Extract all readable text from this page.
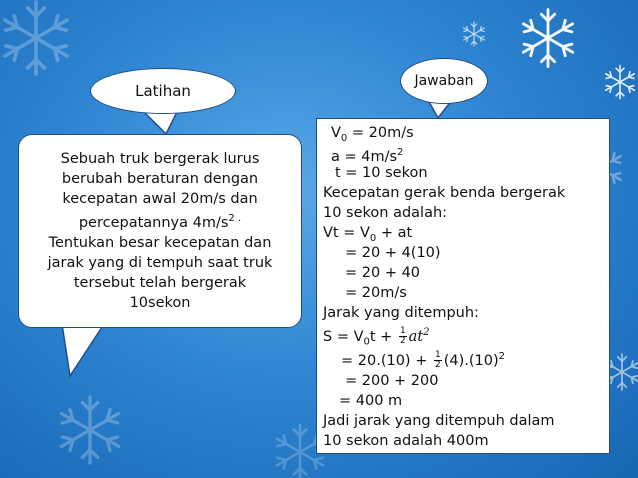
Latihan
Jawaban
Sebuah truk bergerak lurus
berubah beraturan dengan
kecepatan awal 20m/s dan
percepatannya $4m/s^{2 .}$
Tentukan besar kecepatan dan
jarak yang di tempuh saat truk
tersebut telah bergerak
10sekon
$V_0 = 20m/s$
$a = 4m/s^2$
t = 10 sekon
Kecepatan gerak benda bergerak
10 sekon adalah:
$Vt = V_0$ + at
= 20 + 4(10)
= 20 + 40
= 20m/s
Jarak yang ditempuh:
$S = V_0t + \frac{1}{2} at^2$
= $20.(10) + \frac{1}{2} (4).(10)^2$
= 200 + 200
= 400 m
Jadi jarak yang ditempuh dalam
10 sekon adalah 400m
